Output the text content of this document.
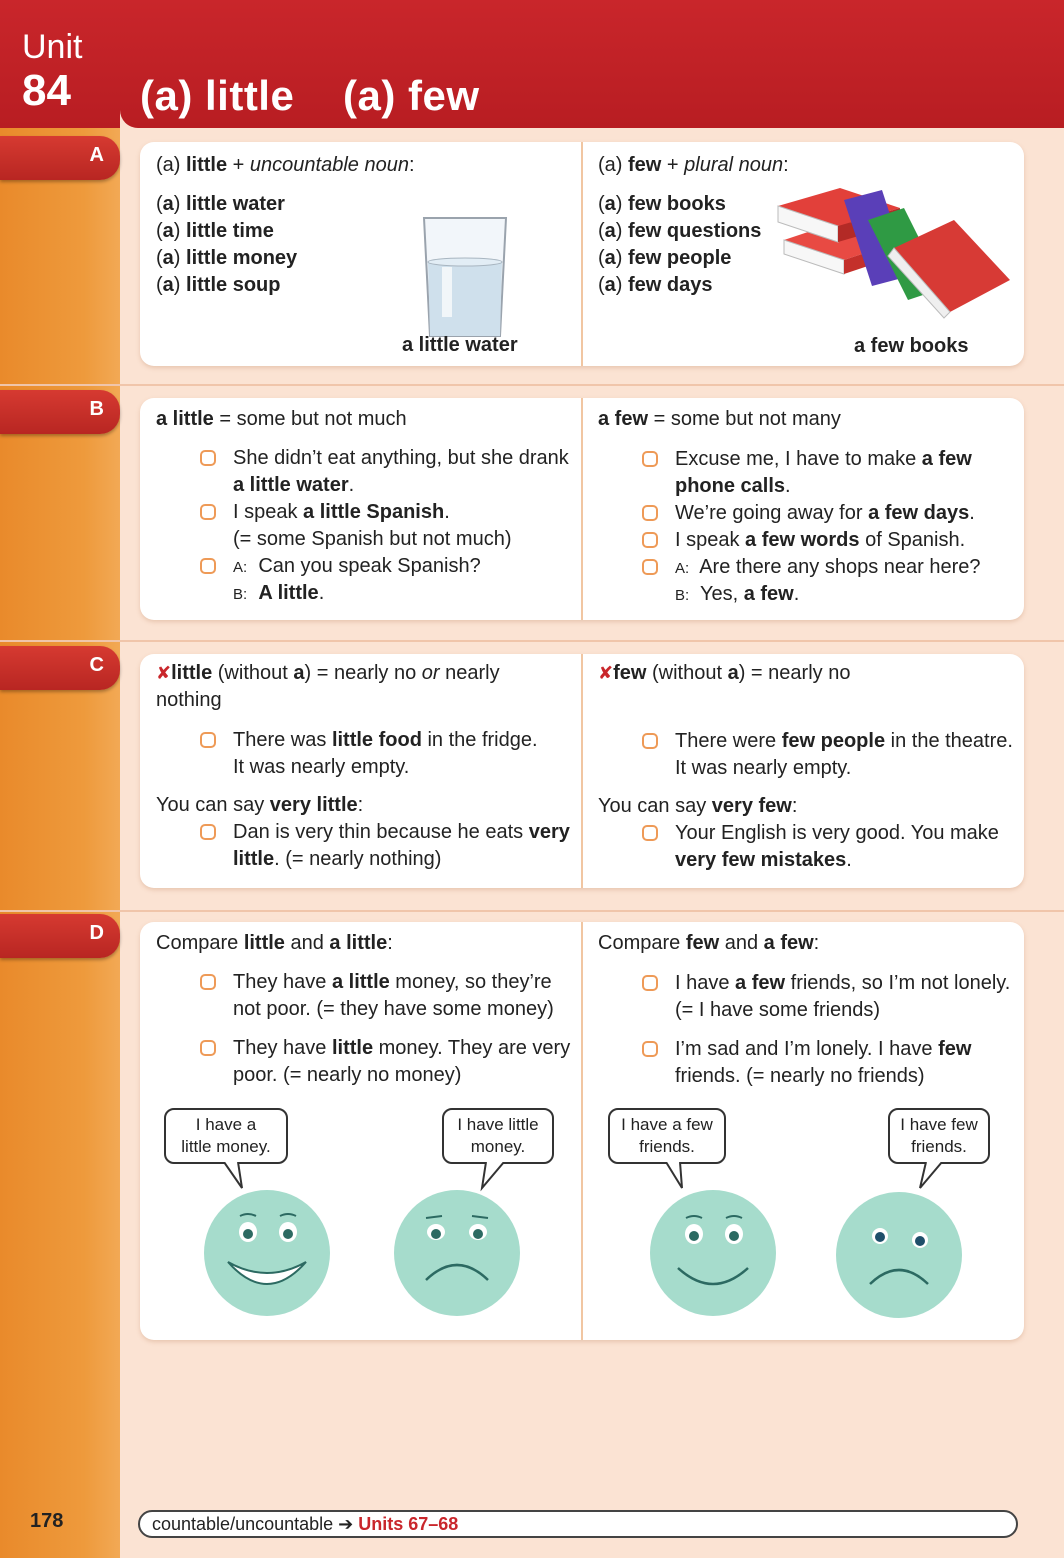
Unit
84 (a) little    (a) few
A
B
C
D
(a) little + uncountable noun:
(a) little water
(a) little time
(a) little money
(a) little soup
a little water
(a) few + plural noun:
(a) few books
(a) few questions
(a) few people
(a) few days
a few books
a little = some but not much
She didn’t eat anything, but she drank
a little water.
I speak a little Spanish.
(= some Spanish but not much)
A: Can you speak Spanish?
B: A little.
a few = some but not many
Excuse me, I have to make a few
phone calls.
We’re going away for a few days.
I speak a few words of Spanish.
A: Are there any shops near here?
B: Yes, a few.
✘little (without a) = nearly no or nearly
nothing
There was little food in the fridge.
It was nearly empty.
You can say very little:
Dan is very thin because he eats very
little. (= nearly nothing)
✘few (without a) = nearly no
There were few people in the theatre.
It was nearly empty.
You can say very few:
Your English is very good. You make
very few mistakes.
Compare little and a little:
They have a little money, so they’re
not poor. (= they have some money)
They have little money. They are very
poor. (= nearly no money)
I have a
little money.
I have little
money.
Compare few and a few:
I have a few friends, so I’m not lonely.
(= I have some friends)
I’m sad and I’m lonely. I have few
friends. (= nearly no friends)
I have a few
friends.
I have few
friends.
178	countable/uncountable ➔ Units 67–68
